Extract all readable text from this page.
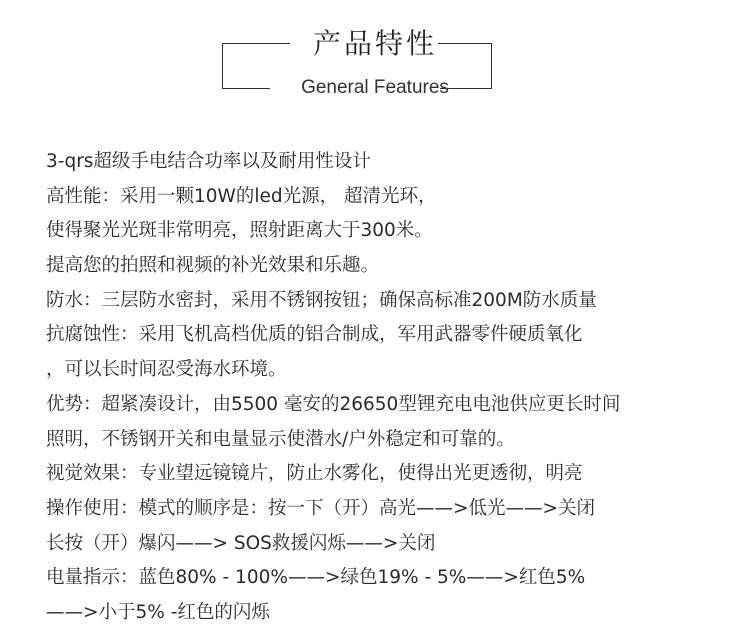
产品特性
General Features
3-qrs超级手电结合功率以及耐用性设计
高性能：采用一颗10W的led光源， 超清光环，
使得聚光光斑非常明亮，照射距离大于300米。
提高您的拍照和视频的补光效果和乐趣。
防水：三层防水密封，采用不锈钢按钮；确保高标准200M防水质量
抗腐蚀性：采用飞机高档优质的铝合制成，军用武器零件硬质氧化
，可以长时间忍受海水环境。
优势：超紧凑设计，由5500 毫安的26650型锂充电电池供应更长时间
照明，不锈钢开关和电量显示使潜水/户外稳定和可靠的。
视觉效果：专业望远镜镜片，防止水雾化，使得出光更透彻，明亮
操作使用：模式的顺序是：按一下（开）高光——>低光——>关闭
长按（开）爆闪——> SOS救援闪烁——>关闭
电量指示：蓝色80% - 100%——>绿色19% - 5%——>红色5%
——>小于5% -红色的闪烁
